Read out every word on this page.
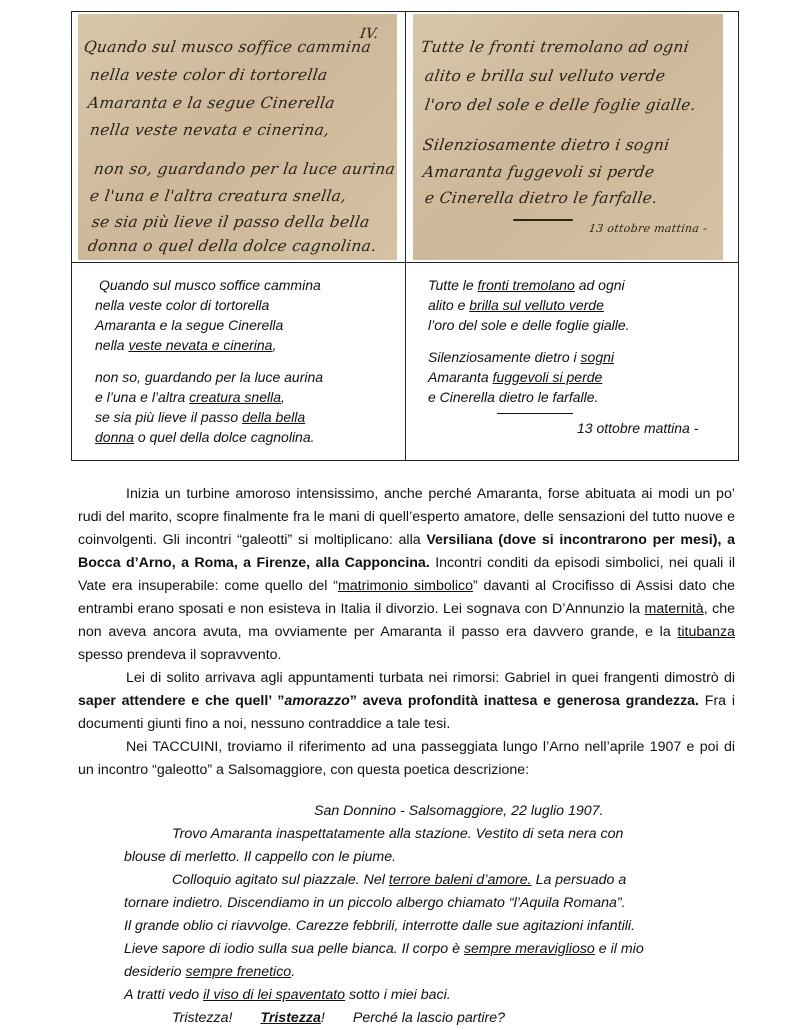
Quando sul musco soffice cammina
IV.
nella veste color di tortorella
Amaranta e la segue Cinerella
nella veste nevata e cinerina,
non so, guardando per la luce aurina
e l'una e l'altra creatura snella,
se sia più lieve il passo della bella
donna o quel della dolce cagnolina.
Tutte le fronti tremolano ad ogni
alito e brilla sul velluto verde
l'oro del sole e delle foglie gialle.
Silenziosamente dietro i sogni
Amaranta fuggevoli si perde
e Cinerella dietro le farfalle.
13 ottobre mattina -
Quando sul musco soffice cammina
nella veste color di tortorella
Amaranta e la segue Cinerella
nella veste nevata e cinerina,
non so, guardando per la luce aurina
e l’una e l’altra creatura snella,
se sia più lieve il passo della bella
donna o quel della dolce cagnolina.
Tutte le fronti tremolano ad ogni
alito e brilla sul velluto verde
l’oro del sole e delle foglie gialle.
Silenziosamente dietro i sogni
Amaranta fuggevoli si perde
e Cinerella dietro le farfalle.
13 ottobre mattina -

Inizia un turbine amoroso intensissimo, anche perché Amaranta, forse abituata ai modi un po’ rudi del marito, scopre finalmente fra le mani di quell’esperto amatore, delle sensazioni del tutto nuove e coinvolgenti. Gli incontri “galeotti” si moltiplicano: alla Versiliana (dove si incontrarono per mesi), a Bocca d’Arno, a Roma, a Firenze, alla Capponcina. Incontri conditi da episodi simbolici, nei quali il Vate era insuperabile: come quello del “matrimonio simbolico” davanti al Crocifisso di Assisi dato che entrambi erano sposati e non esisteva in Italia il divorzio. Lei sognava con D’Annunzio la maternità, che non aveva ancora avuta, ma ovviamente per Amaranta il passo era davvero grande, e la titubanza spesso prendeva il sopravvento.

Lei di solito arrivava agli appuntamenti turbata nei rimorsi: Gabriel in quei frangenti dimostrò di saper attendere e che quell’ ”amorazzo” aveva profondità inattesa e generosa grandezza. Fra i documenti giunti fino a noi, nessuno contraddice a tale tesi.

Nei TACCUINI, troviamo il riferimento ad una passeggiata lungo l’Arno nell’aprile 1907 e poi di un incontro “galeotto” a Salsomaggiore, con questa poetica descrizione:

San Donnino - Salsomaggiore, 22 luglio 1907.
Trovo Amaranta inaspettatamente alla stazione. Vestito di seta nera con
blouse di merletto. Il cappello con le piume.
Colloquio agitato sul piazzale. Nel terrore baleni d’amore. La persuado a
tornare indietro. Discendiamo in un piccolo albergo chiamato “l’Aquila Romana”.
Il grande oblio ci riavvolge. Carezze febbrili, interrotte dalle sue agitazioni infantili.
Lieve sapore di iodio sulla sua pelle bianca. Il corpo è sempre meraviglioso e il mio
desiderio sempre frenetico.
A tratti vedo il viso di lei spaventato sotto i miei baci.
Tristezza! Tristezza! Perché la lascio partire?
